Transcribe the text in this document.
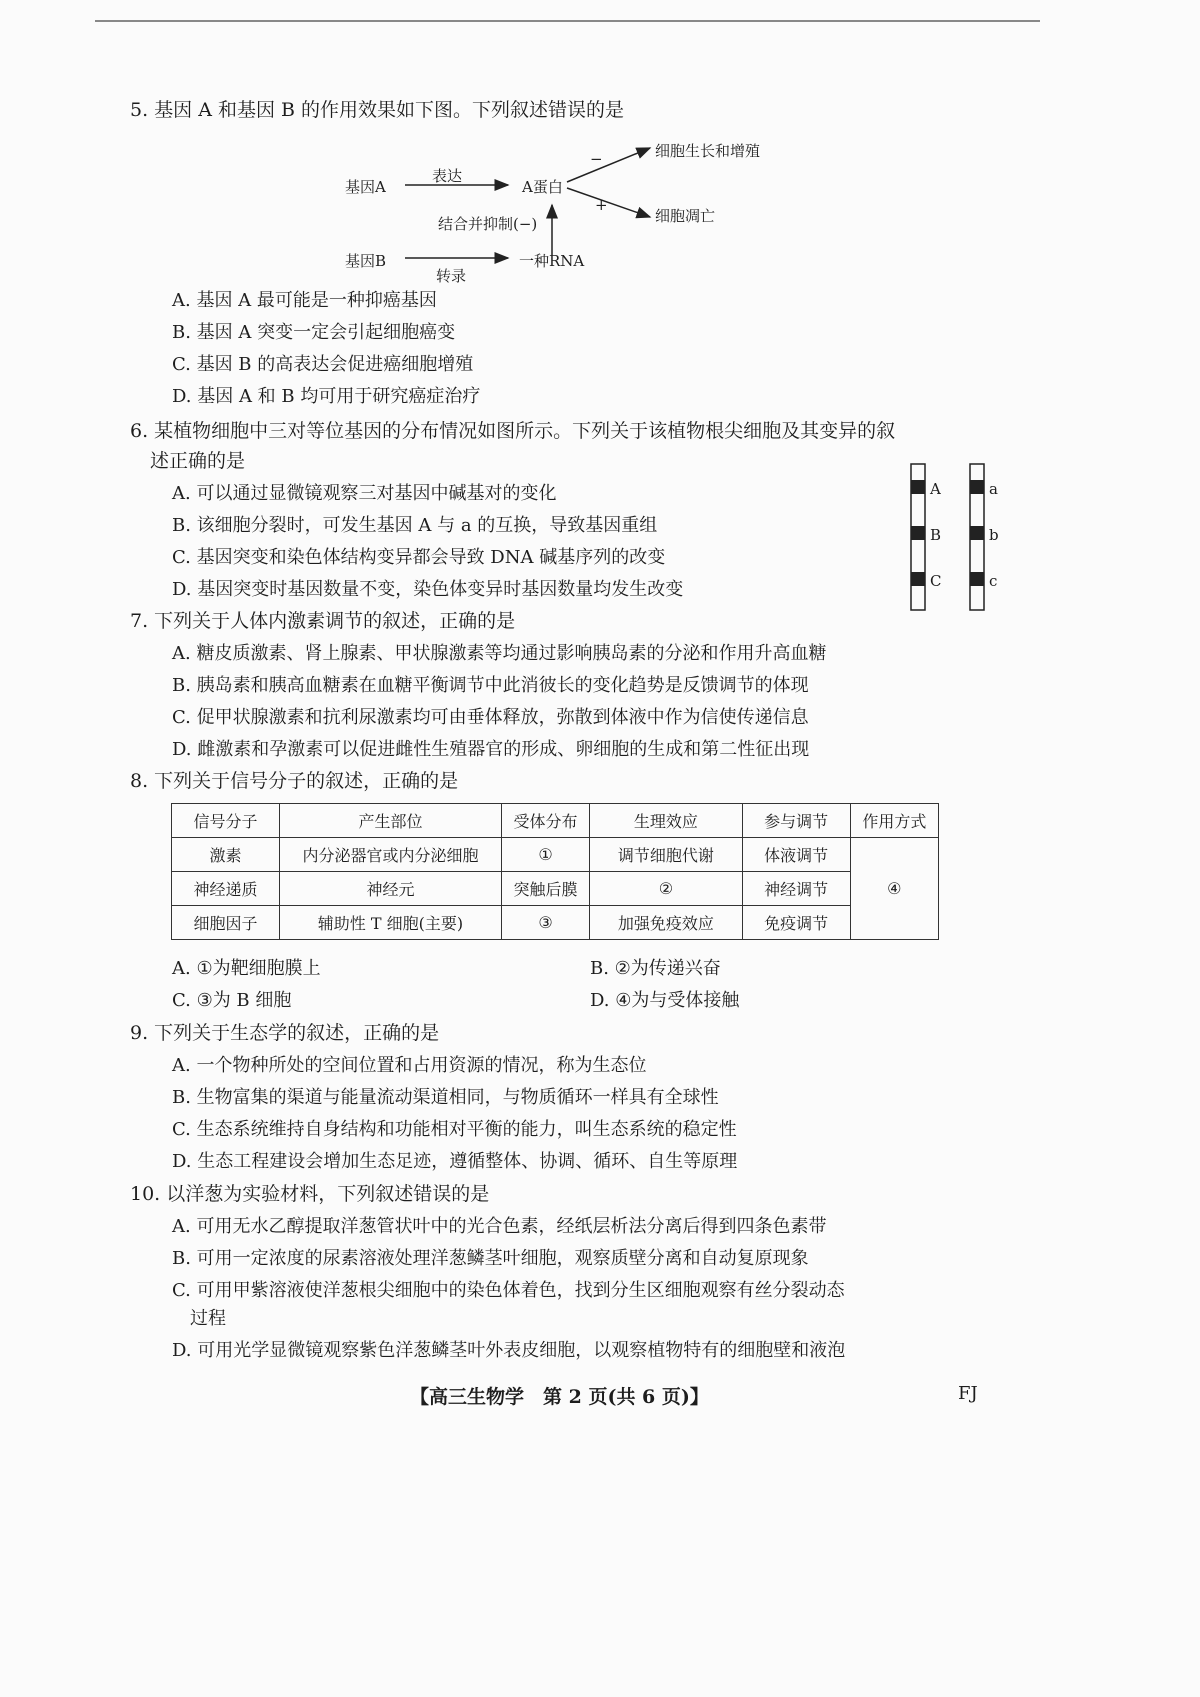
5. 基因 A 和基因 B 的作用效果如下图。下列叙述错误的是
基因A
表达
A蛋白
−
+
细胞生长和增殖
细胞凋亡
结合并抑制(−)
基因B
转录
一种RNA
A. 基因 A 最可能是一种抑癌基因
B. 基因 A 突变一定会引起细胞癌变
C. 基因 B 的高表达会促进癌细胞增殖
D. 基因 A 和 B 均可用于研究癌症治疗
6. 某植物细胞中三对等位基因的分布情况如图所示。下列关于该植物根尖细胞及其变异的叙
述正确的是
A
B
C
a
b
c
A. 可以通过显微镜观察三对基因中碱基对的变化
B. 该细胞分裂时，可发生基因 A 与 a 的互换，导致基因重组
C. 基因突变和染色体结构变异都会导致 DNA 碱基序列的改变
D. 基因突变时基因数量不变，染色体变异时基因数量均发生改变
7. 下列关于人体内激素调节的叙述，正确的是
A. 糖皮质激素、肾上腺素、甲状腺激素等均通过影响胰岛素的分泌和作用升高血糖
B. 胰岛素和胰高血糖素在血糖平衡调节中此消彼长的变化趋势是反馈调节的体现
C. 促甲状腺激素和抗利尿激素均可由垂体释放，弥散到体液中作为信使传递信息
D. 雌激素和孕激素可以促进雌性生殖器官的形成、卵细胞的生成和第二性征出现
8. 下列关于信号分子的叙述，正确的是
信号分子	产生部位	受体分布	生理效应	参与调节	作用方式
激素	内分泌器官或内分泌细胞	①	调节细胞代谢	体液调节	④
神经递质	神经元	突触后膜	②	神经调节	
细胞因子	辅助性 T 细胞(主要)	③	加强免疫效应	免疫调节	
A. ①为靶细胞膜上	B. ②为传递兴奋
C. ③为 B 细胞	D. ④为与受体接触
9. 下列关于生态学的叙述，正确的是
A. 一个物种所处的空间位置和占用资源的情况，称为生态位
B. 生物富集的渠道与能量流动渠道相同，与物质循环一样具有全球性
C. 生态系统维持自身结构和功能相对平衡的能力，叫生态系统的稳定性
D. 生态工程建设会增加生态足迹，遵循整体、协调、循环、自生等原理
10. 以洋葱为实验材料，下列叙述错误的是
A. 可用无水乙醇提取洋葱管状叶中的光合色素，经纸层析法分离后得到四条色素带
B. 可用一定浓度的尿素溶液处理洋葱鳞茎叶细胞，观察质壁分离和自动复原现象
C. 可用甲紫溶液使洋葱根尖细胞中的染色体着色，找到分生区细胞观察有丝分裂动态
过程
D. 可用光学显微镜观察紫色洋葱鳞茎叶外表皮细胞，以观察植物特有的细胞壁和液泡
【高三生物学　第 2 页(共 6 页)】	FJ
